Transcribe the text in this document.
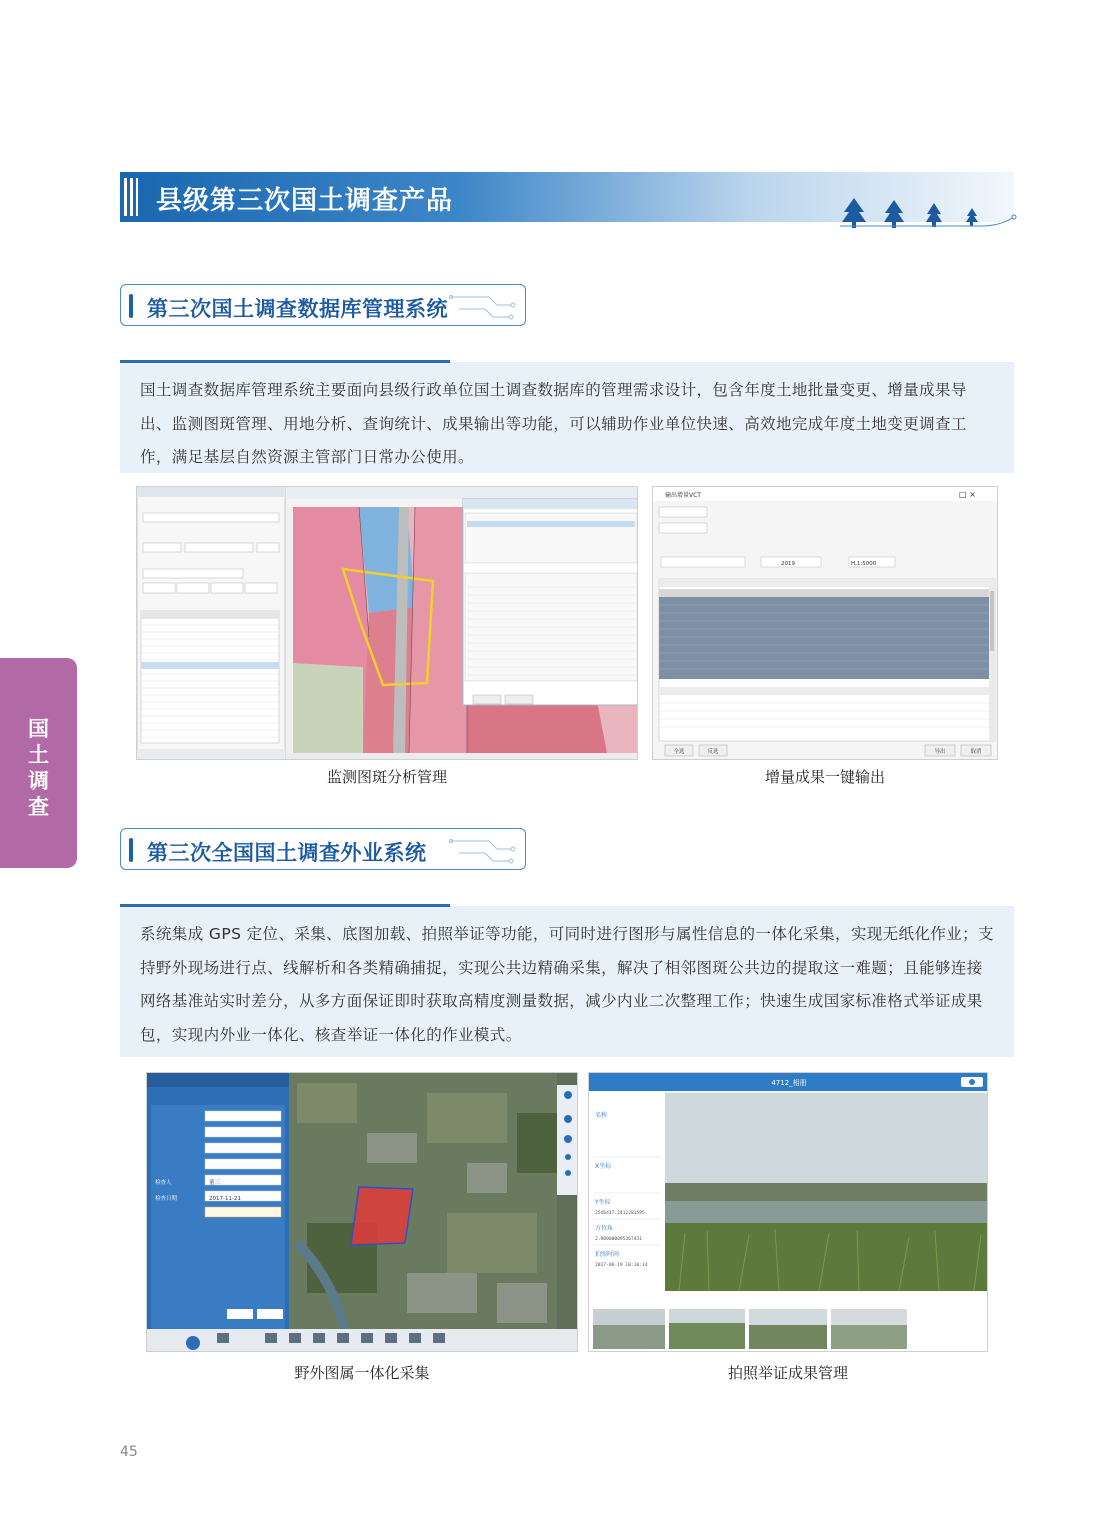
县级第三次国土调查产品
第三次国土调查数据库管理系统

国土调查数据库管理系统主要面向县级行政单位国土调查数据库的管理需求设计，包含年度土地批量变更、增量成果导出、监测图斑管理、用地分析、查询统计、成果输出等功能，可以辅助作业单位快速、高效地完成年度土地变更调查工作，满足基层自然资源主管部门日常办公使用。

监测图斑分析管理
输出增量VCT	□ ×
2019	H,1:5000
全选	反选	导出	取消
增量成果一键输出
第三次全国国土调查外业系统

系统集成 GPS 定位、采集、底图加载、拍照举证等功能，可同时进行图形与属性信息的一体化采集，实现无纸化作业；支持野外现场进行点、线解析和各类精确捕捉，实现公共边精确采集，解决了相邻图斑公共边的提取这一难题；且能够连接网络基准站实时差分，从多方面保证即时获取高精度测量数据，减少内业二次整理工作；快速生成国家标准格式举证成果包，实现内外业一体化、核查举证一体化的作业模式。

检查人	董三
检查日期	2017-11-21
野外图属一体化采集
4712_相册
名称
X坐标
Y坐标
方位角
拍照时间
2546417.2412281595
2.900000095367431
2017-06-19 10:10:14
拍照举证成果管理
国土调查
45
